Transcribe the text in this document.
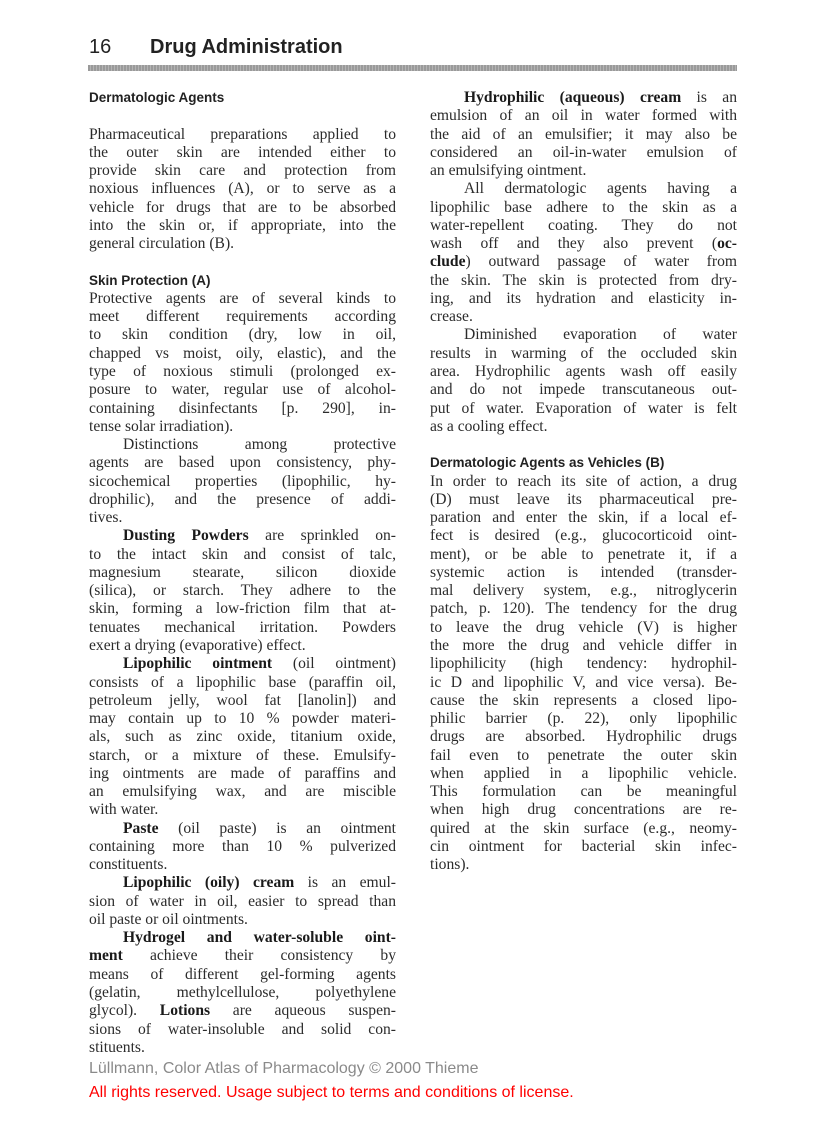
16 Drug Administration
Dermatologic Agents
Pharmaceutical preparations applied to
the outer skin are intended either to
provide skin care and protection from
noxious influences (A), or to serve as a
vehicle for drugs that are to be absorbed
into the skin or, if appropriate, into the
general circulation (B).
Skin Protection (A)
Protective agents are of several kinds to
meet different requirements according
to skin condition (dry, low in oil,
chapped vs moist, oily, elastic), and the
type of noxious stimuli (prolonged ex-
posure to water, regular use of alcohol-
containing disinfectants [p. 290], in-
tense solar irradiation).
Distinctions among protective
agents are based upon consistency, phy-
sicochemical properties (lipophilic, hy-
drophilic), and the presence of addi-
tives.
Dusting Powders are sprinkled on-
to the intact skin and consist of talc,
magnesium stearate, silicon dioxide
(silica), or starch. They adhere to the
skin, forming a low-friction film that at-
tenuates mechanical irritation. Powders
exert a drying (evaporative) effect.
Lipophilic ointment (oil ointment)
consists of a lipophilic base (paraffin oil,
petroleum jelly, wool fat [lanolin]) and
may contain up to 10 % powder materi-
als, such as zinc oxide, titanium oxide,
starch, or a mixture of these. Emulsify-
ing ointments are made of paraffins and
an emulsifying wax, and are miscible
with water.
Paste (oil paste) is an ointment
containing more than 10 % pulverized
constituents.
Lipophilic (oily) cream is an emul-
sion of water in oil, easier to spread than
oil paste or oil ointments.
Hydrogel and water-soluble oint-
ment achieve their consistency by
means of different gel-forming agents
(gelatin, methylcellulose, polyethylene
glycol). Lotions are aqueous suspen-
sions of water-insoluble and solid con-
stituents.
Hydrophilic (aqueous) cream is an
emulsion of an oil in water formed with
the aid of an emulsifier; it may also be
considered an oil-in-water emulsion of
an emulsifying ointment.
All dermatologic agents having a
lipophilic base adhere to the skin as a
water-repellent coating. They do not
wash off and they also prevent (oc-
clude) outward passage of water from
the skin. The skin is protected from dry-
ing, and its hydration and elasticity in-
crease.
Diminished evaporation of water
results in warming of the occluded skin
area. Hydrophilic agents wash off easily
and do not impede transcutaneous out-
put of water. Evaporation of water is felt
as a cooling effect.
Dermatologic Agents as Vehicles (B)
In order to reach its site of action, a drug
(D) must leave its pharmaceutical pre-
paration and enter the skin, if a local ef-
fect is desired (e.g., glucocorticoid oint-
ment), or be able to penetrate it, if a
systemic action is intended (transder-
mal delivery system, e.g., nitroglycerin
patch, p. 120). The tendency for the drug
to leave the drug vehicle (V) is higher
the more the drug and vehicle differ in
lipophilicity (high tendency: hydrophil-
ic D and lipophilic V, and vice versa). Be-
cause the skin represents a closed lipo-
philic barrier (p. 22), only lipophilic
drugs are absorbed. Hydrophilic drugs
fail even to penetrate the outer skin
when applied in a lipophilic vehicle.
This formulation can be meaningful
when high drug concentrations are re-
quired at the skin surface (e.g., neomy-
cin ointment for bacterial skin infec-
tions).
Lüllmann, Color Atlas of Pharmacology © 2000 Thieme
All rights reserved. Usage subject to terms and conditions of license.
